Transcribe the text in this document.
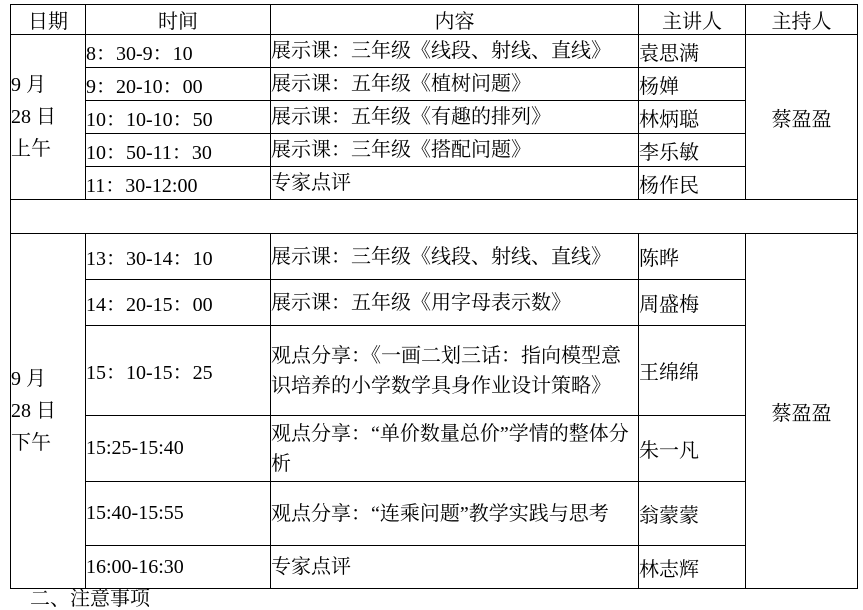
日期	时间	内容	主讲人	主持人

9 月
28 日
上午	8：30-9：10	展示课：三年级《线段、射线、直线》	袁思满	蔡盈盈
	9：20-10：00	展示课：五年级《植树问题》	杨婵	
	10：10-10：50	展示课：五年级《有趣的排列》	林炳聪	
	10：50-11：30	展示课：三年级《搭配问题》	李乐敏	
	11：30-12:00	专家点评	杨作民	

9 月
28 日
下午	13：30-14：10	展示课：三年级《线段、射线、直线》	陈晔	蔡盈盈
	14：20-15：00	展示课：五年级《用字母表示数》	周盛梅	
	15：10-15：25	观点分享：《一画二划三话：指向模型意识培养的小学数学具身作业设计策略》	王绵绵	
	15:25-15:40	观点分享：“单价数量总价”学情的整体分析	朱一凡	
	15:40-15:55	观点分享：“连乘问题”教学实践与思考	翁蒙蒙	
	16:00-16:30	专家点评	林志辉	
二、注意事项
